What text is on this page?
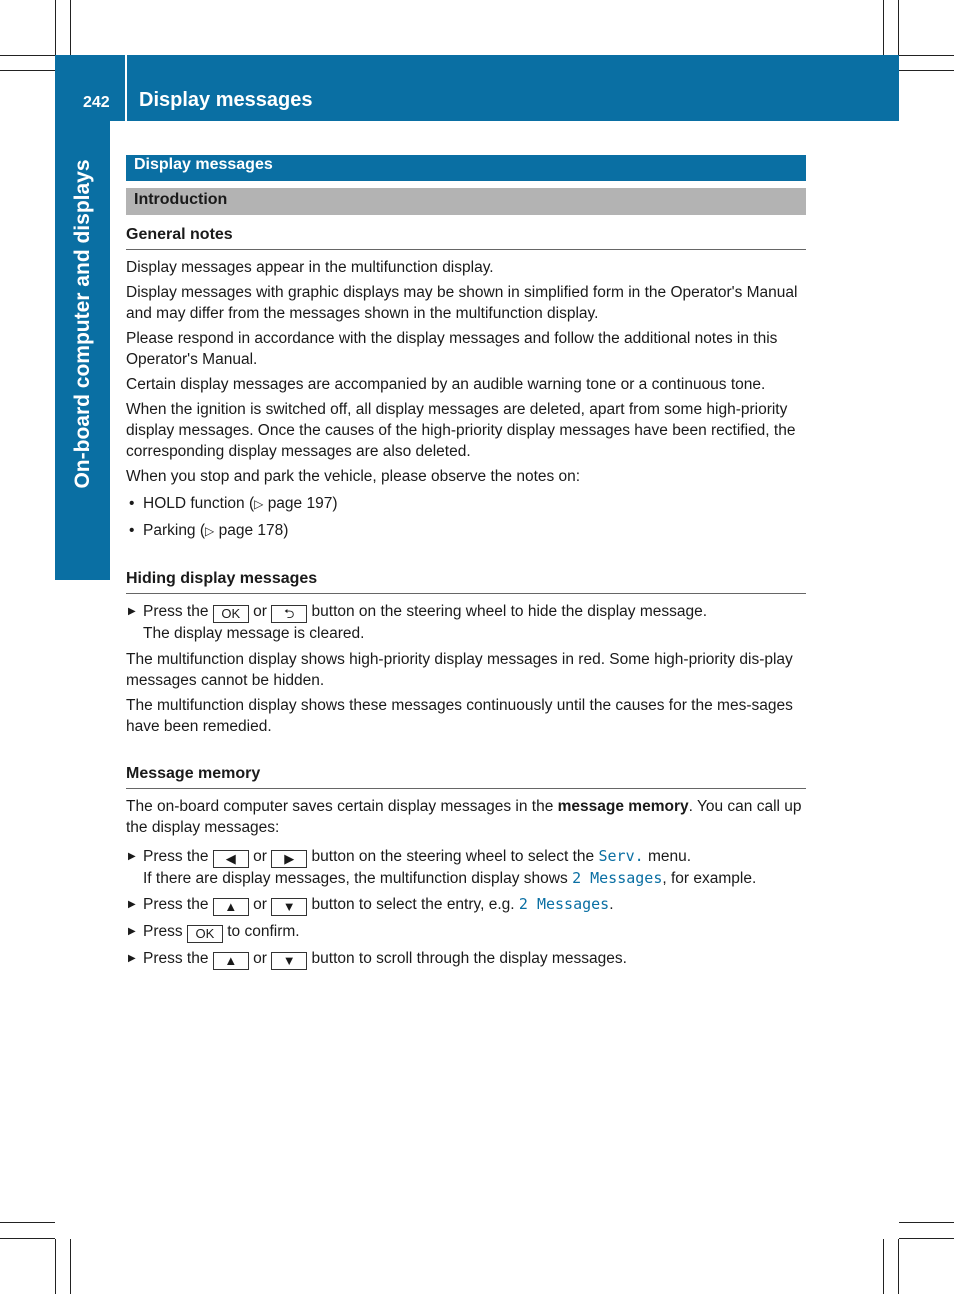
242 Display messages
On-board computer and displays	Display messages
Introduction
General notes

Display messages appear in the multifunction display.

Display messages with graphic displays may be shown in simplified form in the Operator's Manual and may differ from the messages shown in the multifunction display.

Please respond in accordance with the display messages and follow the additional notes in this Operator's Manual.

Certain display messages are accompanied by an audible warning tone or a continuous tone.

When the ignition is switched off, all display messages are deleted, apart from some high-priority display messages. Once the causes of the high-priority display messages have been rectified, the corresponding display messages are also deleted.

When you stop and park the vehicle, please observe the notes on:

• HOLD function (▷ page 197)
• Parking (▷ page 178)
Hiding display messages
▶ Press the OK or ⮌ button on the steering wheel to hide the display message.
The display message is cleared.

The multifunction display shows high-priority display messages in red. Some high-priority dis-play messages cannot be hidden.

The multifunction display shows these messages continuously until the causes for the mes-sages have been remedied.

Message memory

The on-board computer saves certain display messages in the message memory. You can call up the display messages:

▶ Press the ◀ or ▶ button on the steering wheel to select the Serv. menu.
If there are display messages, the multifunction display shows 2 Messages, for example.
▶ Press the ▲ or ▼ button to select the entry, e.g. 2 Messages.
▶ Press OK to confirm.
▶ Press the ▲ or ▼ button to scroll through the display messages.
